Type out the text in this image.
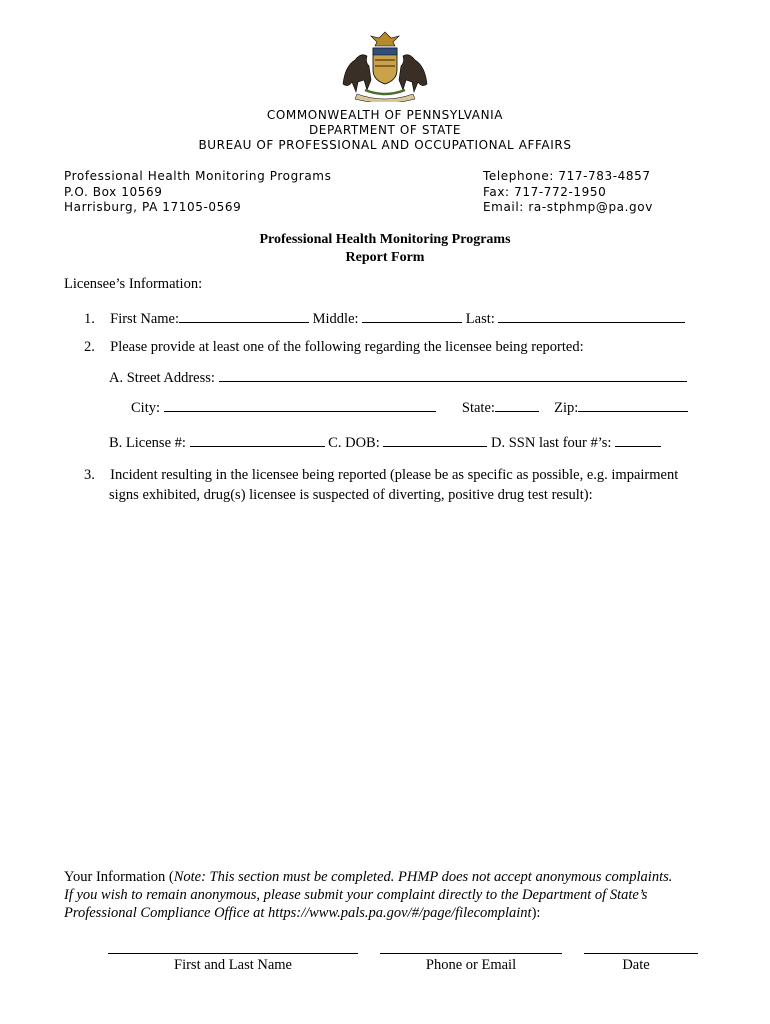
COMMONWEALTH OF PENNSYLVANIA
DEPARTMENT OF STATE
BUREAU OF PROFESSIONAL AND OCCUPATIONAL AFFAIRS
Professional Health Monitoring Programs
P.O. Box 10569
Harrisburg, PA 17105-0569
Telephone: 717-783-4857
Fax: 717-772-1950
Email: ra-stphmp@pa.gov
Professional Health Monitoring Programs
Report Form
Licensee’s Information:
1. First Name:	Middle:	Last:
2. Please provide at least one of the following regarding the licensee being reported:
A. Street Address:
City:	State:	Zip:
B. License #:	C. DOB:	D. SSN last four #’s:
3. Incident resulting in the licensee being reported (please be as specific as possible, e.g. impairment
signs exhibited, drug(s) licensee is suspected of diverting, positive drug test result):
Your Information (Note: This section must be completed. PHMP does not accept anonymous complaints.
If you wish to remain anonymous, please submit your complaint directly to the Department of State’s
Professional Compliance Office at https://www.pals.pa.gov/#/page/filecomplaint):
First and Last Name	Phone or Email	Date
